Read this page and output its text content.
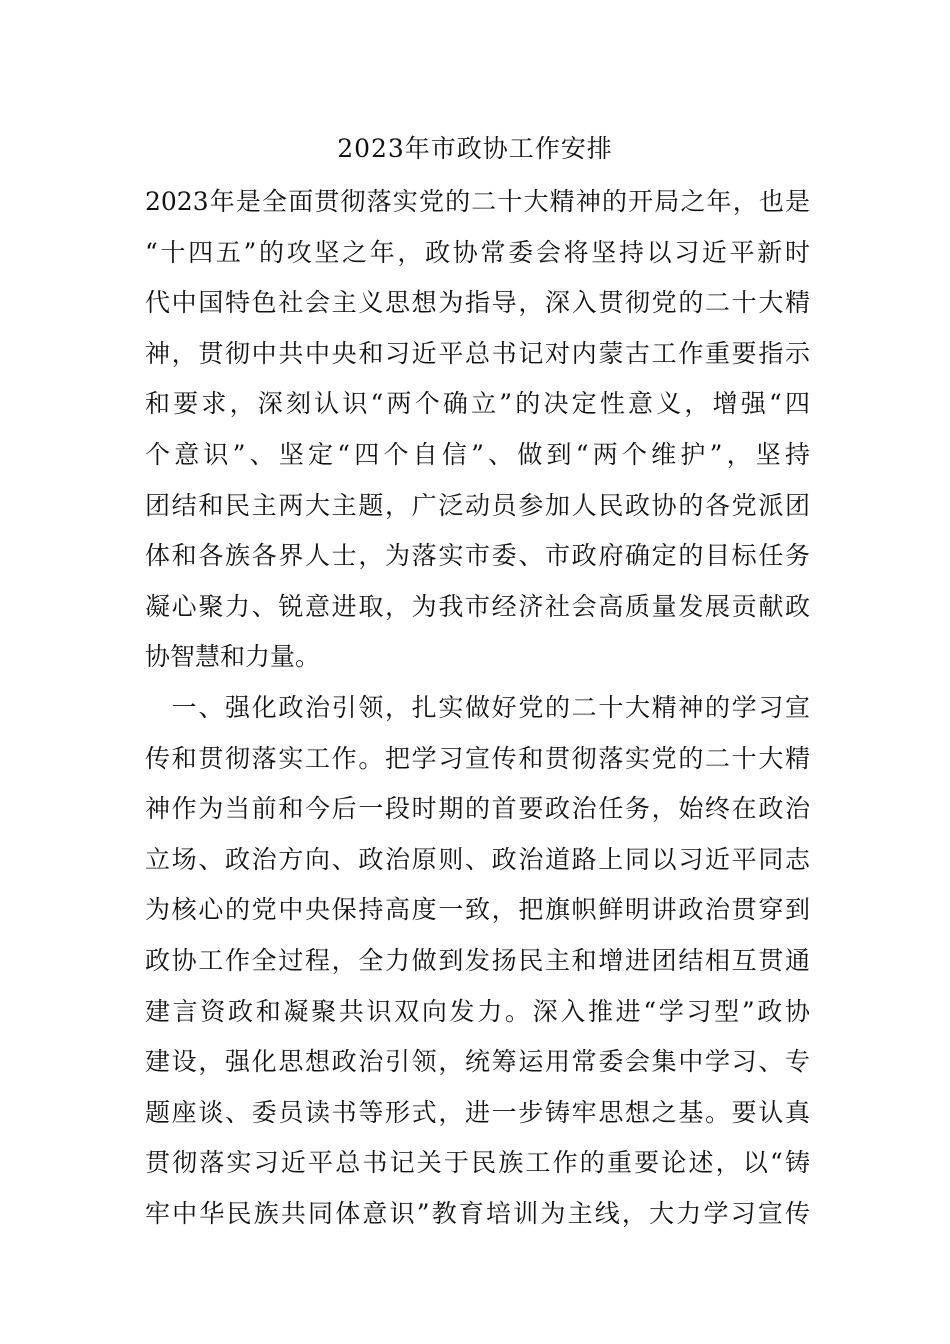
2023年市政协工作安排
2023年是全面贯彻落实党的二十大精神的开局之年，也是
“十四五”的攻坚之年，政协常委会将坚持以习近平新时
代中国特色社会主义思想为指导，深入贯彻党的二十大精
神，贯彻中共中央和习近平总书记对内蒙古工作重要指示
和要求，深刻认识“两个确立”的决定性意义，增强“四
个意识”、坚定“四个自信”、做到“两个维护”，坚持
团结和民主两大主题，广泛动员参加人民政协的各党派团
体和各族各界人士，为落实市委、市政府确定的目标任务
凝心聚力、锐意进取，为我市经济社会高质量发展贡献政
协智慧和力量。
　一、强化政治引领，扎实做好党的二十大精神的学习宣
传和贯彻落实工作。把学习宣传和贯彻落实党的二十大精
神作为当前和今后一段时期的首要政治任务，始终在政治
立场、政治方向、政治原则、政治道路上同以习近平同志
为核心的党中央保持高度一致，把旗帜鲜明讲政治贯穿到
政协工作全过程，全力做到发扬民主和增进团结相互贯通
建言资政和凝聚共识双向发力。深入推进“学习型”政协
建设，强化思想政治引领，统筹运用常委会集中学习、专
题座谈、委员读书等形式，进一步铸牢思想之基。要认真
贯彻落实习近平总书记关于民族工作的重要论述，以“铸
牢中华民族共同体意识”教育培训为主线，大力学习宣传
